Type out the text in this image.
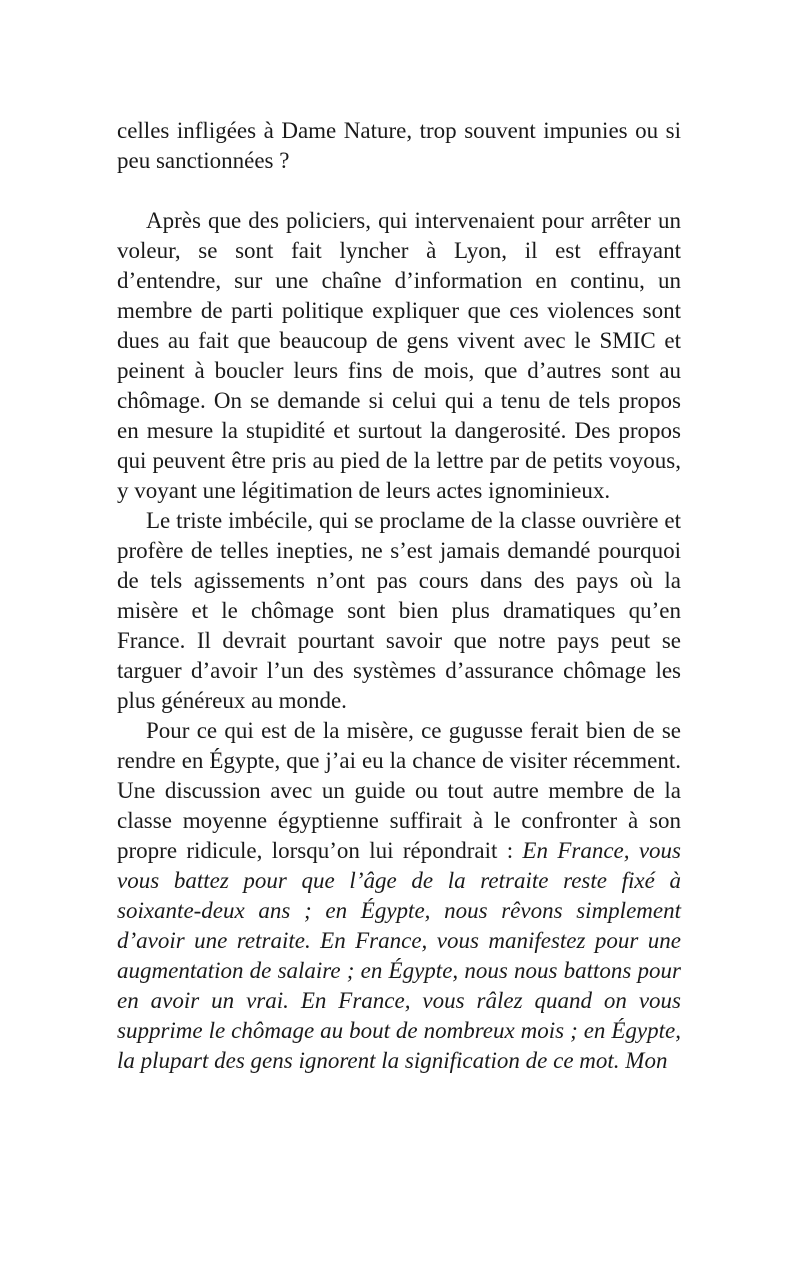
celles infligées à Dame Nature, trop souvent impunies ou si peu sanctionnées ?

Après que des policiers, qui intervenaient pour arrêter un voleur, se sont fait lyncher à Lyon, il est effrayant d’entendre, sur une chaîne d’information en continu, un membre de parti politique expliquer que ces violences sont dues au fait que beaucoup de gens vivent avec le SMIC et peinent à boucler leurs fins de mois, que d’autres sont au chômage. On se demande si celui qui a tenu de tels propos en mesure la stupidité et surtout la dangerosité. Des propos qui peuvent être pris au pied de la lettre par de petits voyous, y voyant une légitimation de leurs actes ignominieux.

Le triste imbécile, qui se proclame de la classe ouvrière et profère de telles inepties, ne s’est jamais demandé pourquoi de tels agissements n’ont pas cours dans des pays où la misère et le chômage sont bien plus dramatiques qu’en France. Il devrait pourtant savoir que notre pays peut se targuer d’avoir l’un des systèmes d’assurance chômage les plus généreux au monde.

Pour ce qui est de la misère, ce gugusse ferait bien de se rendre en Égypte, que j’ai eu la chance de visiter récemment. Une discussion avec un guide ou tout autre membre de la classe moyenne égyptienne suffirait à le confronter à son propre ridicule, lorsqu’on lui répondrait : En France, vous vous battez pour que l’âge de la retraite reste fixé à soixante-deux ans ; en Égypte, nous rêvons simplement d’avoir une retraite. En France, vous manifestez pour une augmentation de salaire ; en Égypte, nous nous battons pour en avoir un vrai. En France, vous râlez quand on vous supprime le chômage au bout de nombreux mois ; en Égypte, la plupart des gens ignorent la signification de ce mot. Mon
